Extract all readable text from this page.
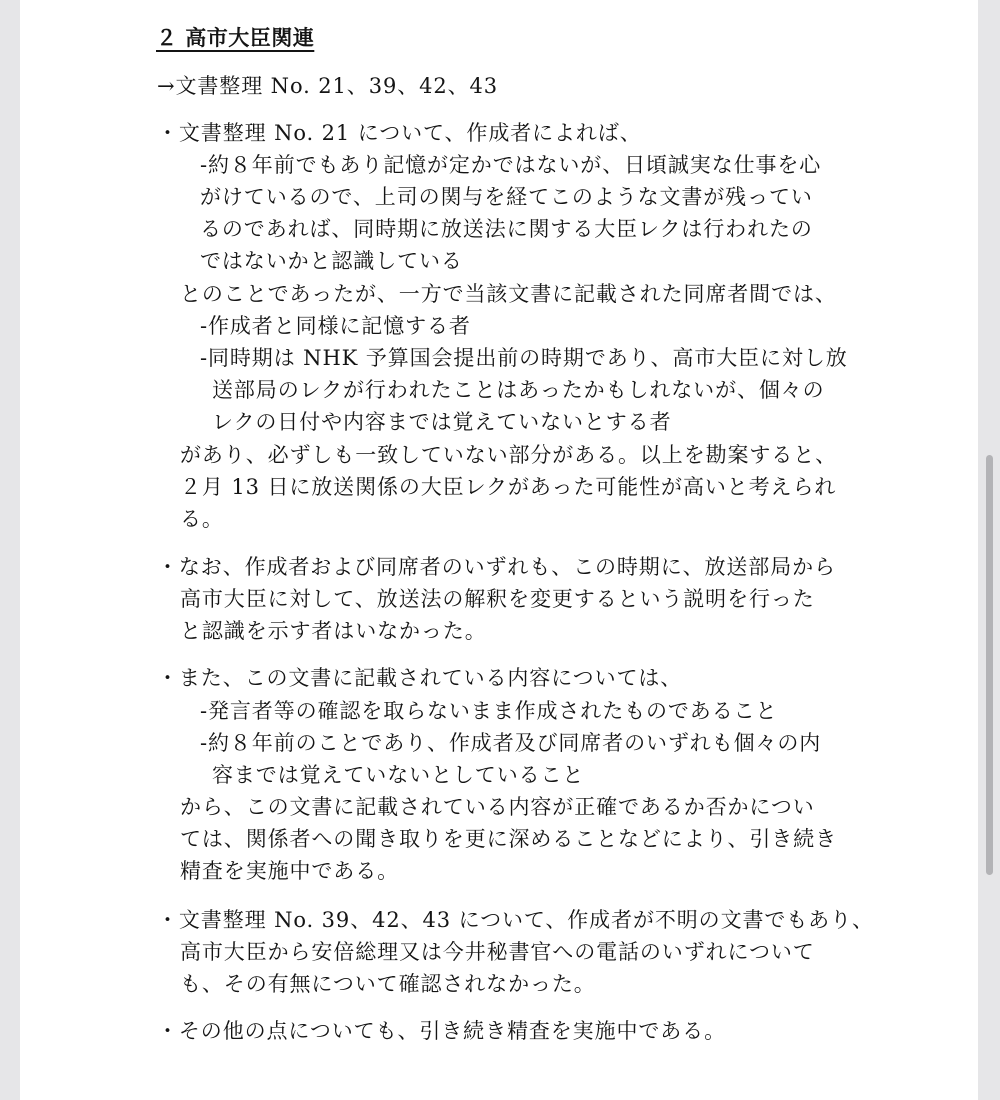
２ 高市大臣関連
→文書整理 No. 21、39、42、43
・文書整理 No. 21 について、作成者によれば、
-約８年前でもあり記憶が定かではないが、日頃誠実な仕事を心
がけているので、上司の関与を経てこのような文書が残ってい
るのであれば、同時期に放送法に関する大臣レクは行われたの
ではないかと認識している
とのことであったが、一方で当該文書に記載された同席者間では、
-作成者と同様に記憶する者
-同時期は NHK 予算国会提出前の時期であり、高市大臣に対し放
送部局のレクが行われたことはあったかもしれないが、個々の
レクの日付や内容までは覚えていないとする者
があり、必ずしも一致していない部分がある。以上を勘案すると、
２月 13 日に放送関係の大臣レクがあった可能性が高いと考えられ
る。
・なお、作成者および同席者のいずれも、この時期に、放送部局から
高市大臣に対して、放送法の解釈を変更するという説明を行った
と認識を示す者はいなかった。
・また、この文書に記載されている内容については、
-発言者等の確認を取らないまま作成されたものであること
-約８年前のことであり、作成者及び同席者のいずれも個々の内
容までは覚えていないとしていること
から、この文書に記載されている内容が正確であるか否かについ
ては、関係者への聞き取りを更に深めることなどにより、引き続き
精査を実施中である。
・文書整理 No. 39、42、43 について、作成者が不明の文書でもあり、
高市大臣から安倍総理又は今井秘書官への電話のいずれについて
も、その有無について確認されなかった。
・その他の点についても、引き続き精査を実施中である。
